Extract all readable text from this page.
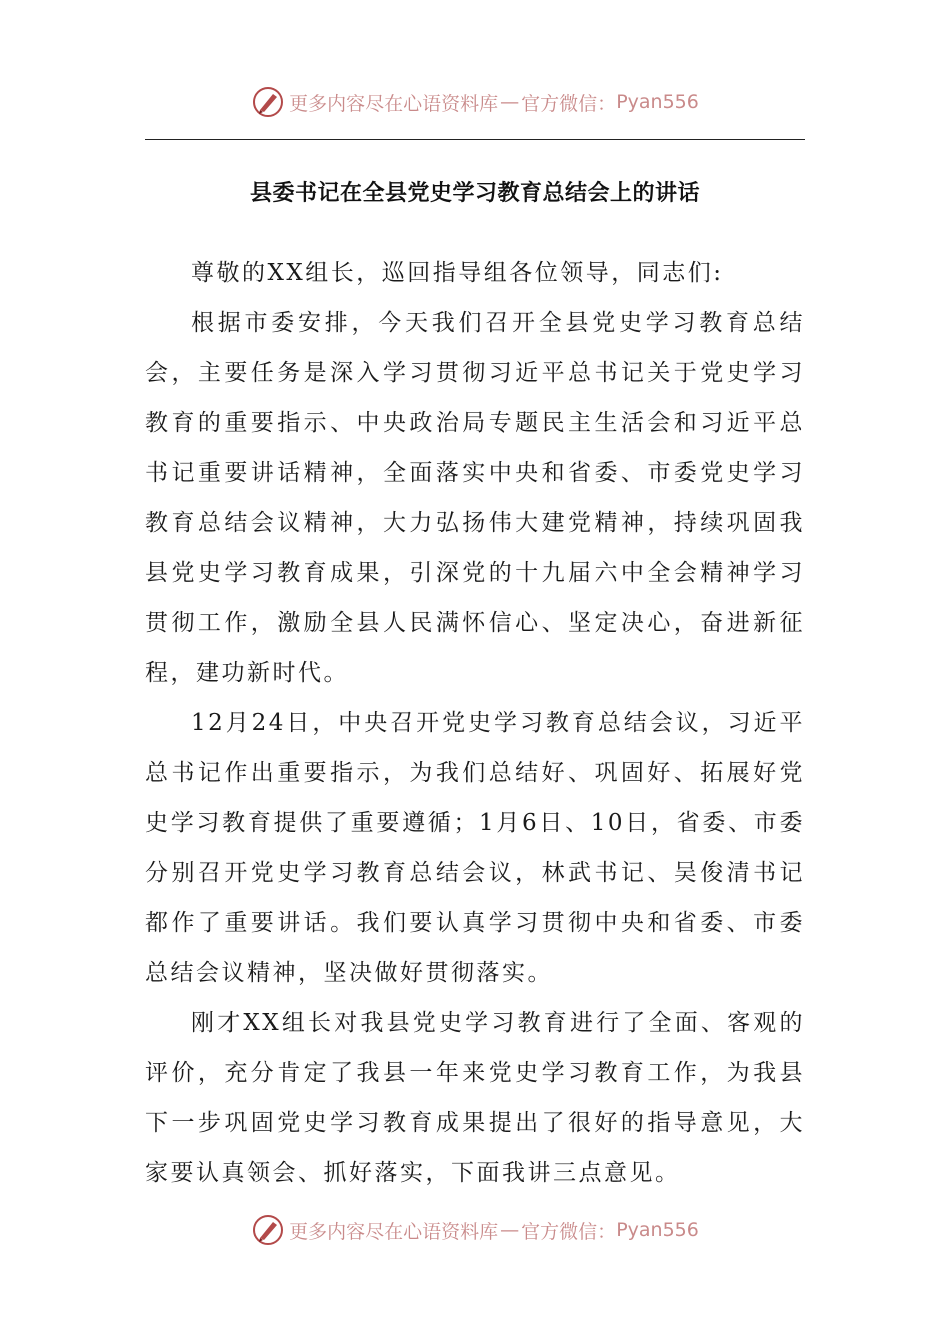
更多内容尽在心语资料库 — 官方微信： Pyan556
县委书记在全县党史学习教育总结会上的讲话

尊敬的XX组长，巡回指导组各位领导，同志们:

根据市委安排，今天我们召开全县党史学习教育总结会，主要任务是深入学习贯彻习近平总书记关于党史学习教育的重要指示、中央政治局专题民主生活会和习近平总书记重要讲话精神，全面落实中央和省委、市委党史学习教育总结会议精神，大力弘扬伟大建党精神，持续巩固我县党史学习教育成果，引深党的十九届六中全会精神学习贯彻工作，激励全县人民满怀信心、坚定决心，奋进新征程，建功新时代。

12月24日，中央召开党史学习教育总结会议，习近平总书记作出重要指示，为我们总结好、巩固好、拓展好党史学习教育提供了重要遵循；1月6日、10日，省委、市委分别召开党史学习教育总结会议，林武书记、吴俊清书记都作了重要讲话。我们要认真学习贯彻中央和省委、市委总结会议精神，坚决做好贯彻落实。

刚才XX组长对我县党史学习教育进行了全面、客观的评价，充分肯定了我县一年来党史学习教育工作，为我县下一步巩固党史学习教育成果提出了很好的指导意见，大家要认真领会、抓好落实，下面我讲三点意见。

更多内容尽在心语资料库 — 官方微信： Pyan556
